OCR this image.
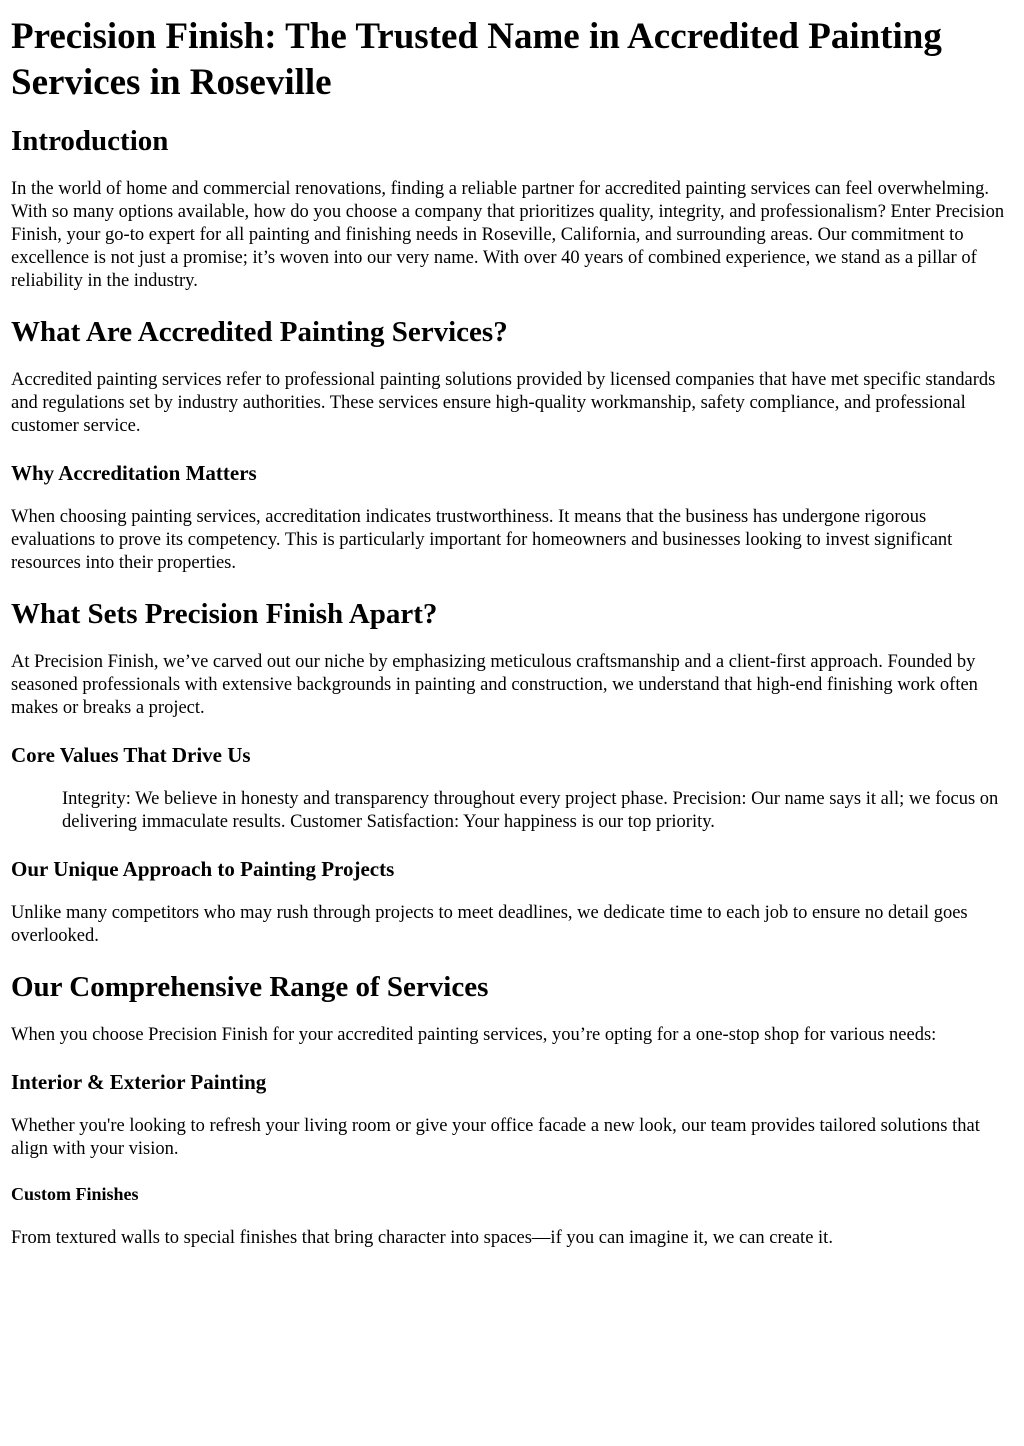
Precision Finish: The Trusted Name in Accredited Painting Services in Roseville
Introduction

In the world of home and commercial renovations, finding a reliable partner for accredited painting services can feel overwhelming. With so many options available, how do you choose a company that prioritizes quality, integrity, and professionalism? Enter Precision Finish, your go-to expert for all painting and finishing needs in Roseville, California, and surrounding areas. Our commitment to excellence is not just a promise; it’s woven into our very name. With over 40 years of combined experience, we stand as a pillar of reliability in the industry.

What Are Accredited Painting Services?

Accredited painting services refer to professional painting solutions provided by licensed companies that have met specific standards and regulations set by industry authorities. These services ensure high-quality workmanship, safety compliance, and professional customer service.

Why Accreditation Matters

When choosing painting services, accreditation indicates trustworthiness. It means that the business has undergone rigorous evaluations to prove its competency. This is particularly important for homeowners and businesses looking to invest significant resources into their properties.

What Sets Precision Finish Apart?

At Precision Finish, we’ve carved out our niche by emphasizing meticulous craftsmanship and a client-first approach. Founded by seasoned professionals with extensive backgrounds in painting and construction, we understand that high-end finishing work often makes or breaks a project.

Core Values That Drive Us
Integrity: We believe in honesty and transparency throughout every project phase. Precision: Our name says it all; we focus on delivering immaculate results. Customer Satisfaction: Your happiness is our top priority.
Our Unique Approach to Painting Projects

Unlike many competitors who may rush through projects to meet deadlines, we dedicate time to each job to ensure no detail goes overlooked.

Our Comprehensive Range of Services

When you choose Precision Finish for your accredited painting services, you’re opting for a one-stop shop for various needs:

Interior & Exterior Painting

Whether you're looking to refresh your living room or give your office facade a new look, our team provides tailored solutions that align with your vision.

Custom Finishes

From textured walls to special finishes that bring character into spaces—if you can imagine it, we can create it.
